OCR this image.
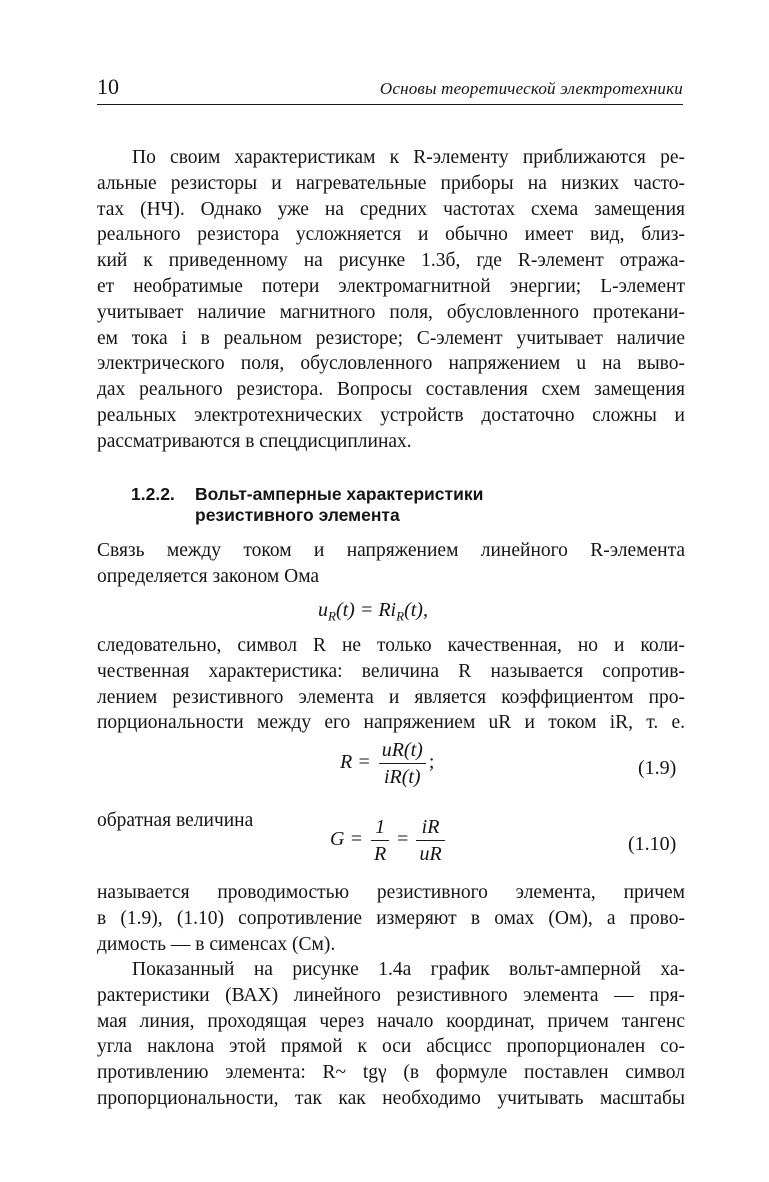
10	Основы теоретической электротехники
По своим характеристикам к R-элементу приближаются ре-
альные резисторы и нагревательные приборы на низких часто-
тах (НЧ). Однако уже на средних частотах схема замещения
реального резистора усложняется и обычно имеет вид, близ-
кий к приведенному на рисунке 1.3б, где R-элемент отража-
ет необратимые потери электромагнитной энергии; L-элемент
учитывает наличие магнитного поля, обусловленного протекани-
ем тока i в реальном резисторе; C-элемент учитывает наличие
электрического поля, обусловленного напряжением u на выво-
дах реального резистора. Вопросы составления схем замещения
реальных электротехнических устройств достаточно сложны и
рассматриваются в спецдисциплинах.
1.2.2. Вольт-амперные характеристики
резистивного элемента
Связь между током и напряжением линейного R-элемента
определяется законом Ома
$u_R(t) = Ri_R(t)$,
следовательно, символ R не только качественная, но и коли-
чественная характеристика: величина R называется сопротив-
лением резистивного элемента и является коэффициентом про-
порциональности между его напряжением uR и током iR, т. е.
$R = \frac{uR(t)}{iR(t)}$ ;	(1.9)
обратная величина
$G = \frac{1}{R} = \frac{iR}{uR}$	(1.10)
называется проводимостью резистивного элемента, причем
в (1.9), (1.10) сопротивление измеряют в омах (Ом), а прово-
димость — в сименсах (См).
Показанный на рисунке 1.4а график вольт-амперной ха-
рактеристики (ВАХ) линейного резистивного элемента — пря-
мая линия, проходящая через начало координат, причем тангенс
угла наклона этой прямой к оси абсцисс пропорционален со-
противлению элемента: R~ tgγ (в формуле поставлен символ
пропорциональности, так как необходимо учитывать масштабы
